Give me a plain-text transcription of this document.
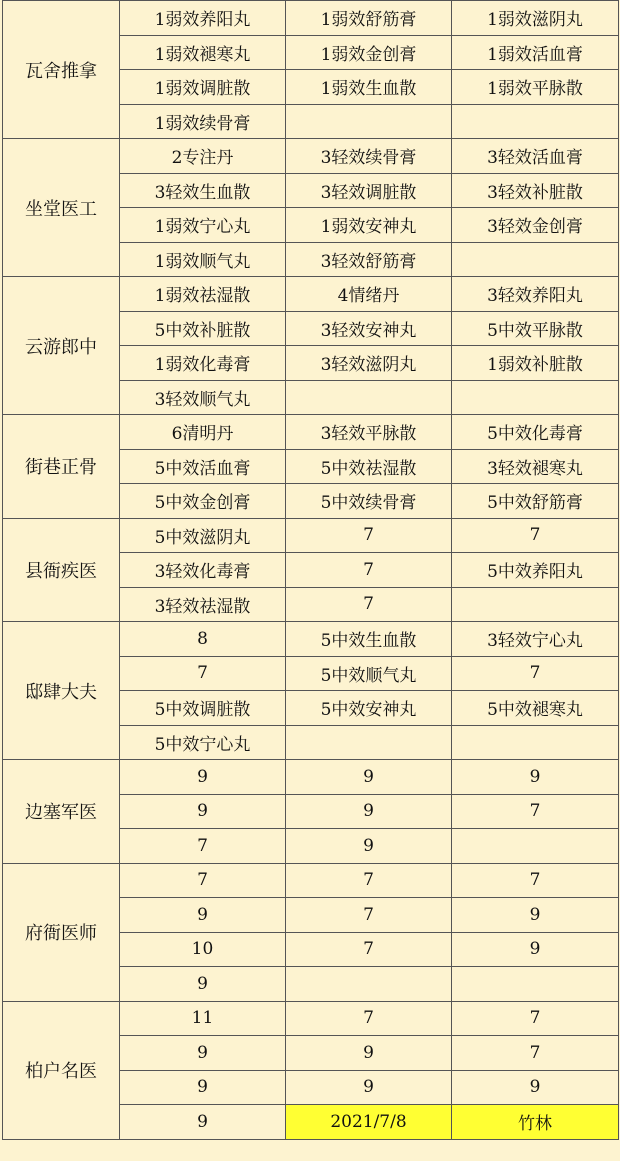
瓦舍推拿	1弱效养阳丸	1弱效舒筋膏	1弱效滋阴丸
	1弱效褪寒丸	1弱效金创膏	1弱效活血膏
	1弱效调脏散	1弱效生血散	1弱效平脉散
	1弱效续骨膏		
坐堂医工	2专注丹	3轻效续骨膏	3轻效活血膏
	3轻效生血散	3轻效调脏散	3轻效补脏散
	1弱效宁心丸	1弱效安神丸	3轻效金创膏
	1弱效顺气丸	3轻效舒筋膏	
云游郎中	1弱效祛湿散	4情绪丹	3轻效养阳丸
	5中效补脏散	3轻效安神丸	5中效平脉散
	1弱效化毒膏	3轻效滋阴丸	1弱效补脏散
	3轻效顺气丸		
街巷正骨	6清明丹	3轻效平脉散	5中效化毒膏
	5中效活血膏	5中效祛湿散	3轻效褪寒丸
	5中效金创膏	5中效续骨膏	5中效舒筋膏
县衙疾医	5中效滋阴丸	7	7
	3轻效化毒膏	7	5中效养阳丸
	3轻效祛湿散	7	
邸肆大夫	8	5中效生血散	3轻效宁心丸
	7	5中效顺气丸	7
	5中效调脏散	5中效安神丸	5中效褪寒丸
	5中效宁心丸		
边塞军医	9	9	9
	9	9	7
	7	9	
府衙医师	7	7	7
	9	7	9
	10	7	9
	9		
柏户名医	11	7	7
	9	9	7
	9	9	9
	9	2021/7/8	竹林
